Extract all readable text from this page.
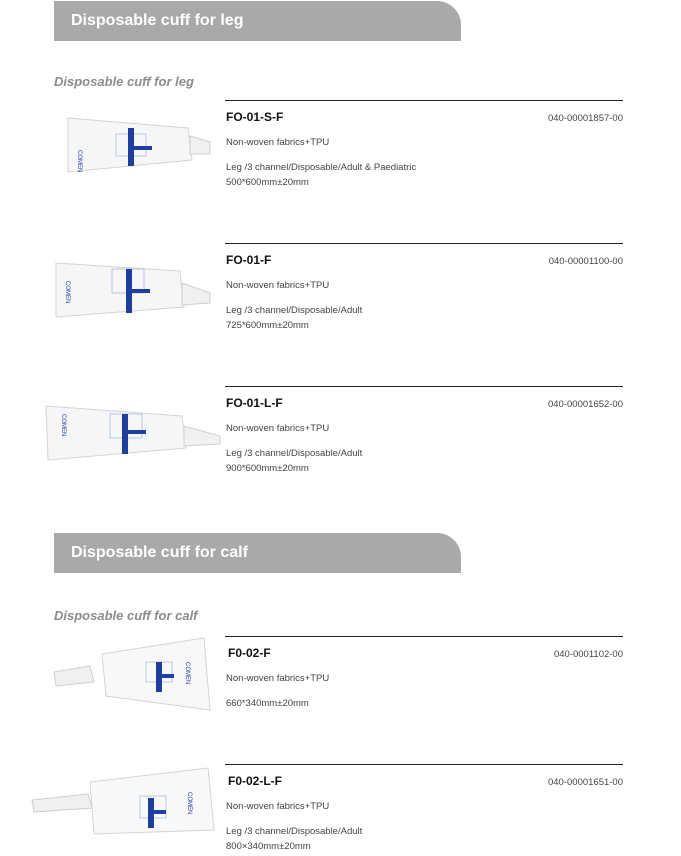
Disposable cuff for leg
Disposable cuff for leg
COMEN
FO-01-S-F	040-00001857-00
Non-woven fabrics+TPU
Leg /3 channel/Disposable/Adult & Paediatric
500*600mm±20mm
COMEN
FO-01-F	040-00001100-00
Non-woven fabrics+TPU
Leg /3 channel/Disposable/Adult
725*600mm±20mm
COMEN
FO-01-L-F	040-00001652-00
Non-woven fabrics+TPU
Leg /3 channel/Disposable/Adult
900*600mm±20mm
Disposable cuff for calf
Disposable cuff for calf
COMEN
F0-02-F	040-0001102-00
Non-woven fabrics+TPU
660*340mm±20mm
COMEN
F0-02-L-F	040-00001651-00
Non-woven fabrics+TPU
Leg /3 channel/Disposable/Adult
800×340mm±20mm
